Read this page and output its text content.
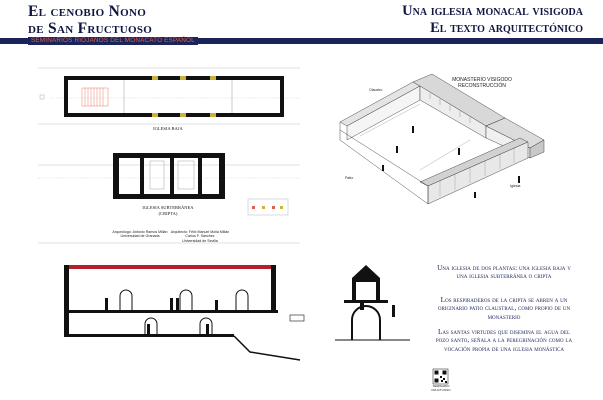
El cenobio Nono
de San Fructuoso
Una iglesia monacal visigoda
El texto arquitectónico
SEMINARIOS RIOJANOS DEL MONACATO ESPAÑOL
IGLESIA BAJA
IGLESIA SUBTERRÁNEA
(CRIPTA)
Arqueólogo: Antonio Ramos Millán
Universidad de Granada
Arquitecto: Félix Manuel Molla Millán
Carlos F. Sánchez
Universidad de Sevilla
MONASTERIO VISIGODO
RECONSTRUCCIÓN
Claustro
Patio
Iglesia
Una iglesia de dos plantas: una iglesia baja y una iglesia subterránea o cripta
Los respiraderos de la cripta se abren a un originario patio claustral, como propio de un monasterio
Las santas virtudes que disemina el agua del pozo santo, señala a la peregrinación como la vocación propia de una iglesia monástica
SEMINARIO
FRUCTUOSO
